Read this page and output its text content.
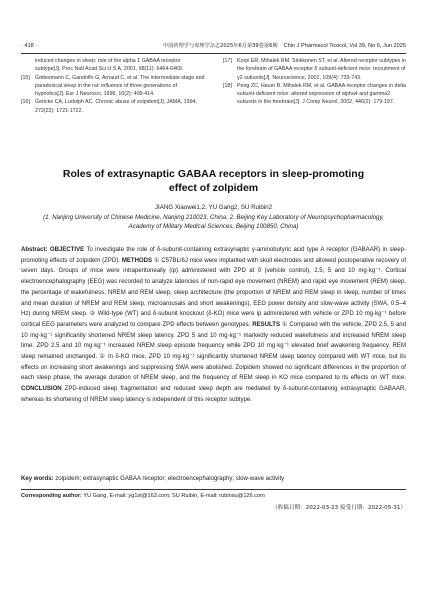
· 418 ·	中国药理学与毒理学杂志2025年6月第39卷第6期 Chin J Pharmacol Toxicol, Vol 39, No 6, Jun 2025
induced changes in sleep: role of the alpha 1 GABAA receptor subtype[J]. Proc Natl Acad Sci U S A, 2001, 98(11): 6464-6469.
[15] Gottesmann C, Gandolfo G, Arnaud C, et al. The intermediate stage and paradoxical sleep in the rat: influence of three generations of hypnotics[J]. Eur J Neurosci, 1998, 10(2): 409-414.
[16] Gericke CA, Ludolph AC. Chronic abuse of zolpidem[J]. JAMA, 1994, 272(22): 1721-1722.
[17] Korpi ER, Mihalek RM, Sinkkonen ST, et al. Altered receptor subtypes in the forebrain of GABAA receptor δ subunit-deficient mice: recruitment of γ2 subunits[J]. Neuroscience, 2002, 109(4): 733-743.
[18] Peng ZC, Hauer B, Mihalek RM, et al. GABAA receptor changes in delta subunit-deficient mice: altered expression of alpha4 and gamma2 subunits in the forebrain[J]. J Comp Neurol, 2002, 446(2): 179-197.
Roles of extrasynaptic GABAA receptors in sleep-promoting
effect of zolpidem
JIANG Xiaowei1,2, YU Gang2, SU Ruibin2
(1. Nanjing University of Chinese Medicine, Nanjing 210023, China; 2. Beijing Key Laboratory of Neuropsychopharmacology, Academy of Military Medical Sciences, Beijing 100850, China)
Abstract: OBJECTIVE To investigate the role of δ-subunit-containing extrasynaptic γ-aminobutyric acid type A receptor (GABAAR) in sleep-promoting effects of zolpidem (ZPD). METHODS ① C57BL/6J mice were implanted with skull electrodes and allowed postoperative recovery of seven days. Groups of mice were intraperitoneally (ip) administered with ZPD at 0 (vehicle control), 2.5, 5 and 10 mg·kg⁻¹. Cortical electroencephalography (EEG) was recorded to analyze latencies of non-rapid eye movement (NREM) and rapid eye movement (REM) sleep, the percentage of wakefulness, NREM and REM sleep, sleep architecture (the proportion of NREM and REM sleep in sleep, number of times and mean duration of NREM and REM sleep, microarousals and short awakenings), EEG power density and slow-wave activity (SWA, 0.5–4 Hz) during NREM sleep. ② Wild-type (WT) and δ-subunit knockout (δ-KO) mice were ip administered with vehicle or ZPD 10 mg·kg⁻¹ before cortical EEG parameters were analyzed to compare ZPD effects between genotypes. RESULTS ① Compared with the vehicle, ZPD 2.5, 5 and 10 mg·kg⁻¹ significantly shortened NREM sleep latency. ZPD 5 and 10 mg·kg⁻¹ markedly reduced wakefulness and increased NREM sleep time. ZPD 2.5 and 10 mg·kg⁻¹ increased NREM sleep episode frequency while ZPD 10 mg·kg⁻¹ elevated brief awakening frequency. REM sleep remained unchanged. ② In δ-KO mice, ZPD 10 mg·kg⁻¹ significantly shortened NREM sleep latency compared with WT mice, but its effects on increasing short awakenings and suppressing SWA were abolished. Zolpidem showed no significant differences in the proportion of each sleep phase, the average duration of NREM sleep, and the frequency of REM sleep in KO mice compared to its effects on WT mice. CONCLUSION ZPD-induced sleep fragmentation and reduced sleep depth are mediated by δ-subunit-containing extrasynaptic GABAAR, whereas its shortening of NREM sleep latency is independent of this receptor subtype.
Key words: zolpidem; extrasynaptic GABAA receptor; electroencephalography; slow-wave activity
Corresponding author: YU Gang, E-mail: yg1st@163.com; SU Ruibin, E-mail: rubinsu@126.com
（收稿日期：2022-03-23 接受日期：2022-05-31）
